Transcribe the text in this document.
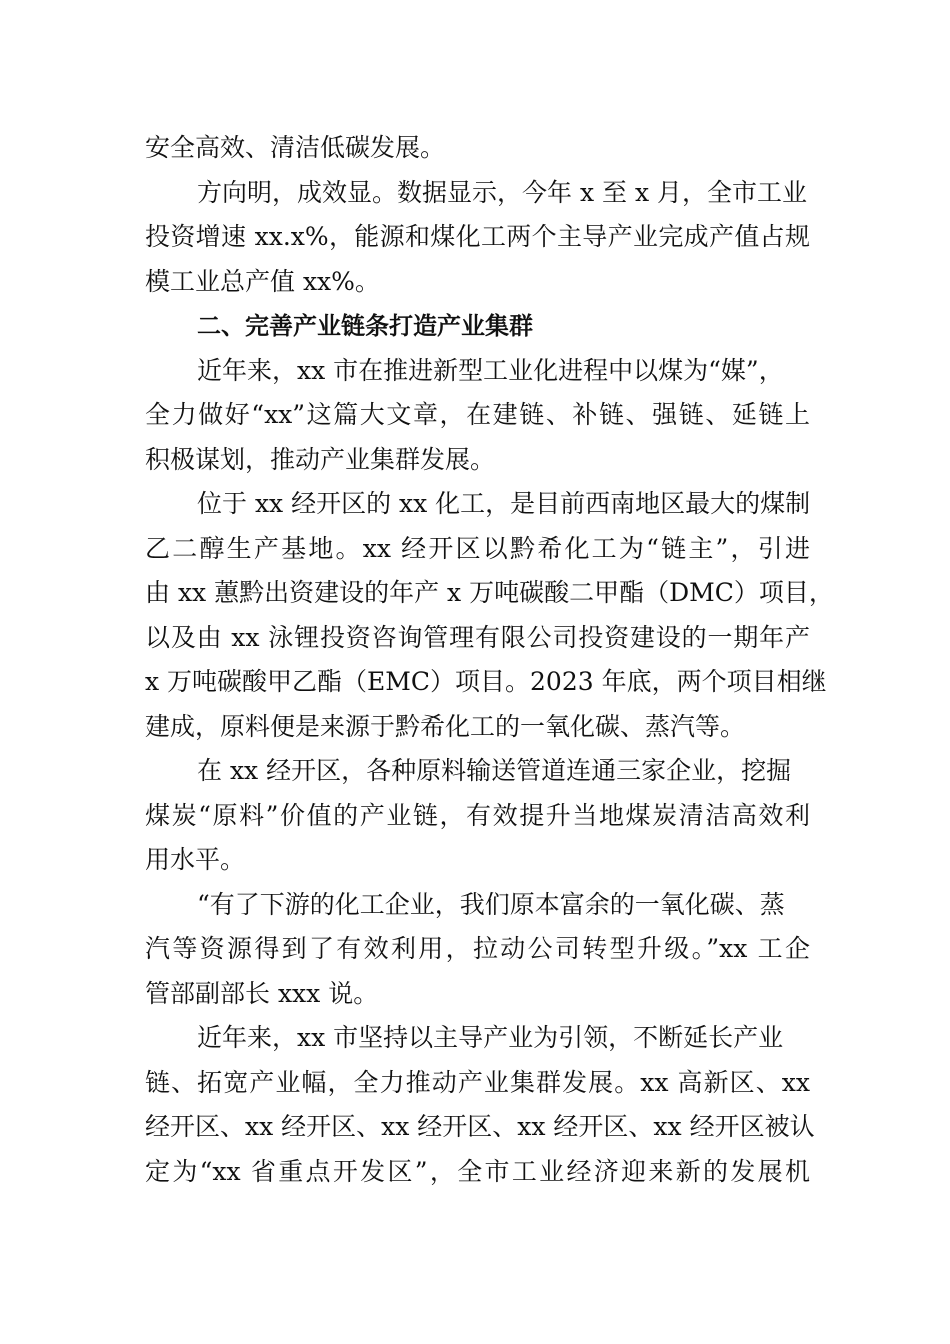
安全高效、清洁低碳发展。
方向明，成效显。数据显示，今年 x 至 x 月，全市工业
投资增速 xx.x%，能源和煤化工两个主导产业完成产值占规
模工业总产值 xx%。
二、完善产业链条打造产业集群
近年来，xx 市在推进新型工业化进程中以煤为“媒”，
全力做好“xx”这篇大文章，在建链、补链、强链、延链上
积极谋划，推动产业集群发展。
位于 xx 经开区的 xx 化工，是目前西南地区最大的煤制
乙二醇生产基地。xx 经开区以黔希化工为“链主”，引进
由 xx 蕙黔出资建设的年产 x 万吨碳酸二甲酯（DMC）项目，
以及由 xx 泳锂投资咨询管理有限公司投资建设的一期年产
x 万吨碳酸甲乙酯（EMC）项目。2023 年底，两个项目相继
建成，原料便是来源于黔希化工的一氧化碳、蒸汽等。
在 xx 经开区，各种原料输送管道连通三家企业，挖掘
煤炭“原料”价值的产业链，有效提升当地煤炭清洁高效利
用水平。
“有了下游的化工企业，我们原本富余的一氧化碳、蒸
汽等资源得到了有效利用，拉动公司转型升级。”xx 工企
管部副部长 xxx 说。
近年来，xx 市坚持以主导产业为引领，不断延长产业
链、拓宽产业幅，全力推动产业集群发展。xx 高新区、xx
经开区、xx 经开区、xx 经开区、xx 经开区、xx 经开区被认
定为“xx 省重点开发区”，全市工业经济迎来新的发展机
